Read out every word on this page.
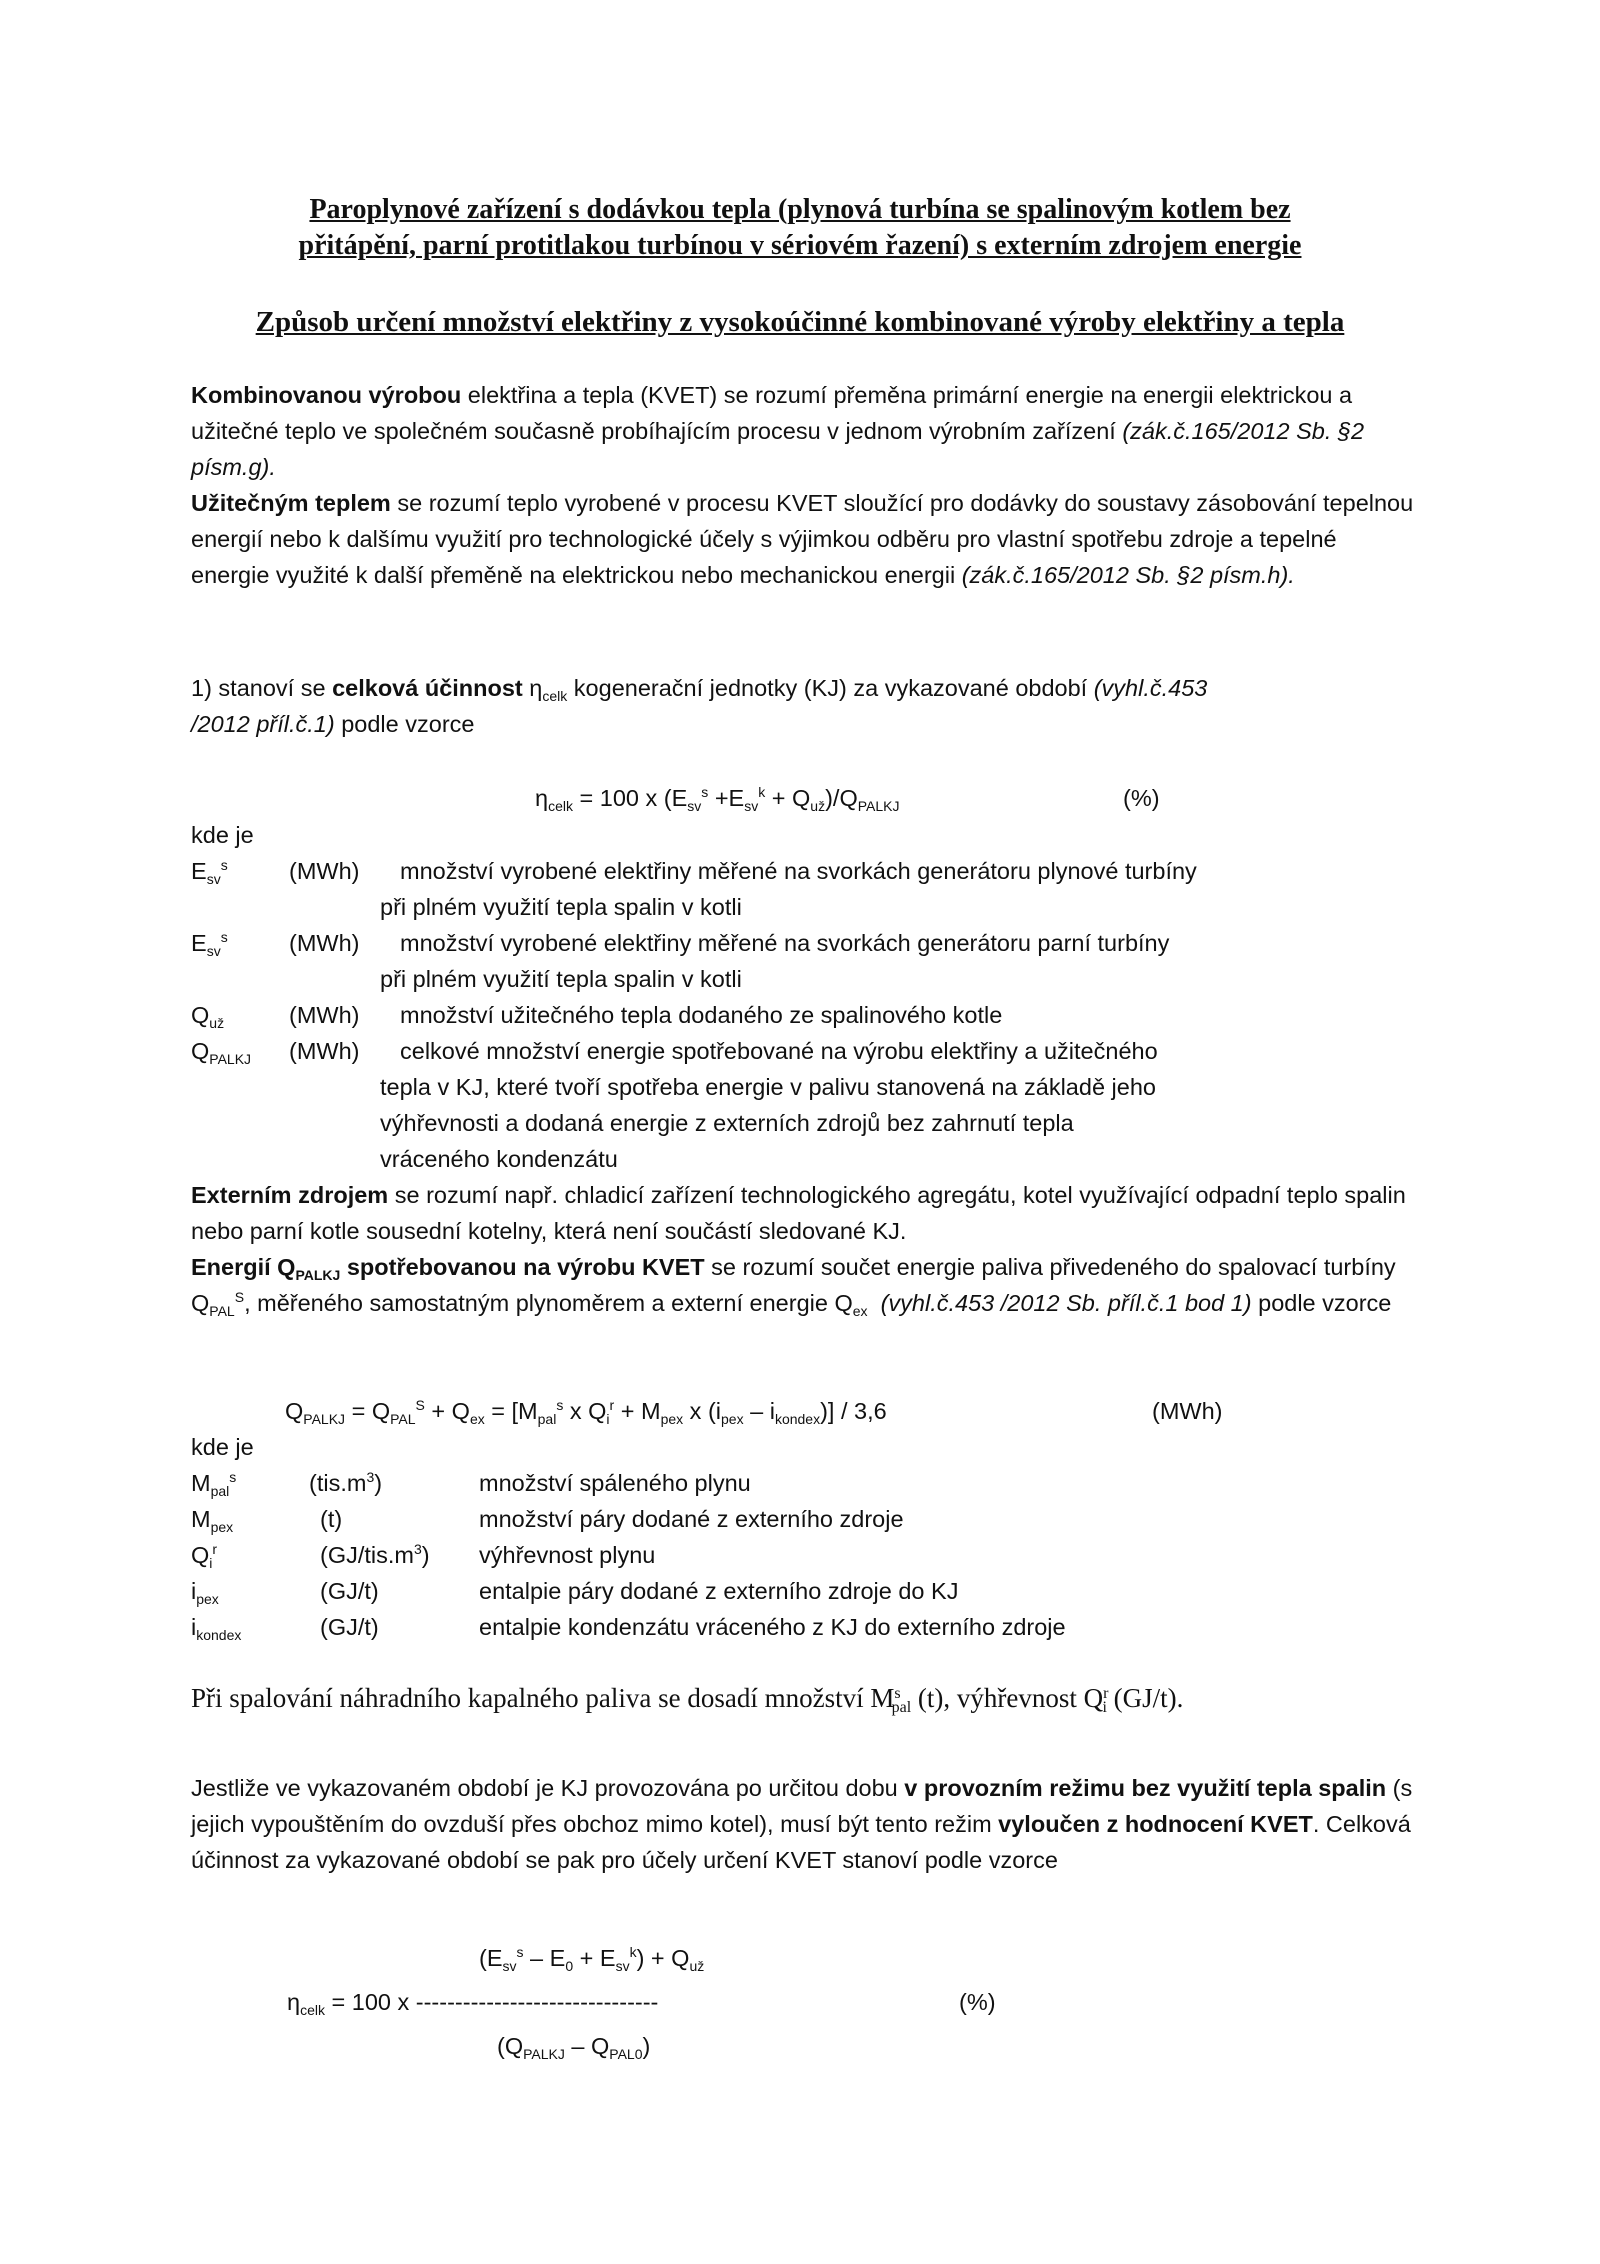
Paroplynové zařízení s dodávkou tepla (plynová turbína se spalinovým kotlem bez
přitápění, parní protitlakou turbínou v sériovém řazení) s externím zdrojem energie
Způsob určení množství elektřiny z vysokoúčinné kombinované výroby elektřiny a tepla

Kombinovanou výrobou elektřina a tepla (KVET) se rozumí přeměna primární energie na energii elektrickou a užitečné teplo ve společném současně probíhajícím procesu v jednom výrobním zařízení (zák.č.165/2012 Sb. §2 písm.g).

Užitečným teplem se rozumí teplo vyrobené v procesu KVET sloužící pro dodávky do soustavy zásobování tepelnou energií nebo k dalšímu využití pro technologické účely s výjimkou odběru pro vlastní spotřebu zdroje a tepelné energie využité k další přeměně na elektrickou nebo mechanickou energii (zák.č.165/2012 Sb. §2 písm.h).

1) stanoví se celková účinnost $\eta_{celk}$ kogenerační jednotky (KJ) za vykazované období (vyhl.č.453
/2012 příl.č.1) podle vzorce

$\eta_{celk} = 100$ x $(E_{sv}^s +E_{sv}^k + Q_{už})/Q_{PALKJ}$	(%)
kde je
$E_{sv}^s$	(MWh) množství vyrobené elektřiny měřené na svorkách generátoru plynové turbíny
při plném využití tepla spalin v kotli
$E_{sv}^s$	(MWh) množství vyrobené elektřiny měřené na svorkách generátoru parní turbíny
při plném využití tepla spalin v kotli
$Q_{už}$	(MWh) množství užitečného tepla dodaného ze spalinového kotle
$Q_{PALKJ}$ (MWh) celkové množství energie spotřebované na výrobu elektřiny a užitečného
tepla v KJ, které tvoří spotřeba energie v palivu stanovená na základě jeho
výhřevnosti a dodaná energie z externích zdrojů bez zahrnutí tepla
vráceného kondenzátu

Externím zdrojem se rozumí např. chladicí zařízení technologického agregátu, kotel využívající odpadní teplo spalin nebo parní kotle sousední kotelny, která není součástí sledované KJ.
Energií $Q_{PALKJ}$ spotřebovanou na výrobu KVET se rozumí součet energie paliva přivedeného do spalovací turbíny $Q_{PAL}^S$, měřeného samostatným plynoměrem a externí energie $Q_{ex}$ (vyhl.č.453 /2012 Sb. příl.č.1 bod 1) podle vzorce

$Q_{PALKJ} = Q_{PAL}^S + Q_{ex} = [M_{pal}^s$ x $Q_i^r + M_{pex}$ x $(i_{pex} - i_{kondex})] / 3,6$	(MWh)
kde je
$M_{pal}^s$	$(tis.m^3)$	množství spáleného plynu
$M_{pex}$	(t)	množství páry dodané z externího zdroje
$Q_i^r$	$(GJ/tis.m^3)$ výhřevnost plynu
$i_{pex}$	(GJ/t)	entalpie páry dodané z externího zdroje do KJ
$i_{kondex}$	(GJ/t)	entalpie kondenzátu vráceného z KJ do externího zdroje
Při spalování náhradního kapalného paliva se dosadí množství $M^s_{pal}$ (t), výhřevnost $Q^r_i$ (GJ/t).

Jestliže ve vykazovaném období je KJ provozována po určitou dobu v provozním režimu bez využití tepla spalin (s jejich vypouštěním do ovzduší přes obchoz mimo kotel), musí být tento režim vyloučen z hodnocení KVET. Celková účinnost za vykazované období se pak pro účely určení KVET stanoví podle vzorce

$(E_{sv}^s - E_0 + E_{sv}^k) + Q_{už}$
$\eta_{celk} = 100$ x -------------------------------	(%)
$(Q_{PALKJ} - Q_{PAL0})$
